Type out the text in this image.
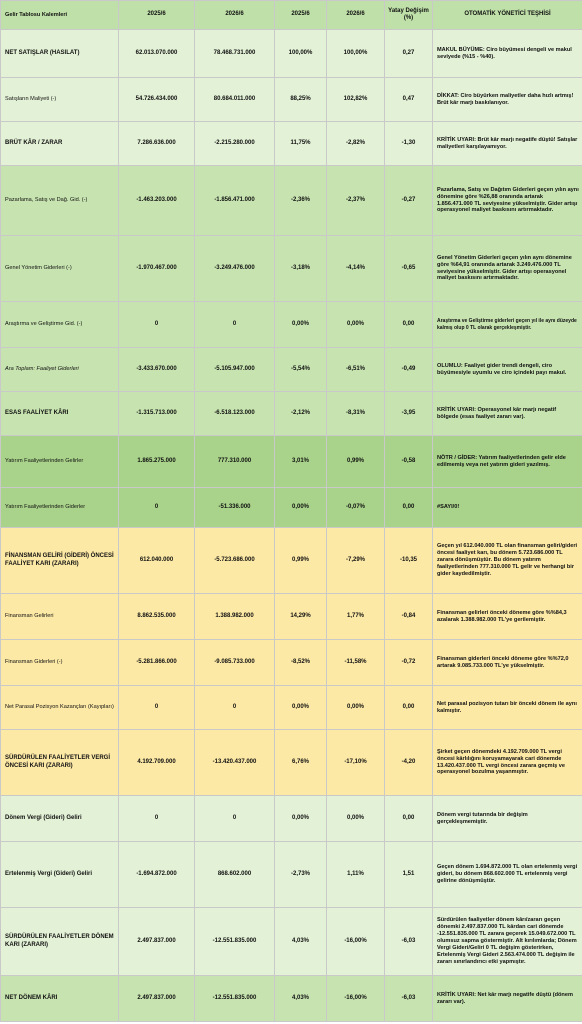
Gelir Tablosu Kalemleri	2025/6	2026/6	2025/6	2026/6	Yatay Değişim (%)	OTOMATİK YÖNETİCİ TEŞHİSİ
NET SATIŞLAR (HASILAT)	62.013.070.000	78.468.731.000	100,00%	100,00%	0,27	MAKUL BÜYÜME: Ciro büyümesi dengeli ve makul seviyede (%15 - %40).
Satışların Maliyeti (-)	54.726.434.000	80.684.011.000	88,25%	102,82%	0,47	DİKKAT: Ciro büyürken maliyetler daha hızlı artmış! Brüt kâr marjı baskılanıyor.
BRÜT KÂR / ZARAR	7.286.636.000	-2.215.280.000	11,75%	-2,82%	-1,30	KRİTİK UYARI: Brüt kâr marjı negatife düştü! Satışlar maliyetleri karşılayamıyor.
Pazarlama, Satış ve Dağ. Gid. (-)	-1.463.203.000	-1.856.471.000	-2,36%	-2,37%	-0,27	Pazarlama, Satış ve Dağıtım Giderleri geçen yılın aynı dönemine göre %26,88 oranında artarak 1.856.471.000 TL seviyesine yükselmiştir. Gider artışı operasyonel maliyet baskısını artırmaktadır.
Genel Yönetim Giderleri (-)	-1.970.467.000	-3.249.476.000	-3,18%	-4,14%	-0,65	Genel Yönetim Giderleri geçen yılın aynı dönemine göre %64,91 oranında artarak 3.249.476.000 TL seviyesine yükselmiştir. Gider artışı operasyonel maliyet baskısını artırmaktadır.
Araştırma ve Geliştirme Gid. (-)	0	0	0,00%	0,00%	0,00	Araştırma ve Geliştirme giderleri geçen yıl ile aynı düzeyde kalmış olup 0 TL olarak gerçekleşmiştir.
Ara Toplam: Faaliyet Giderleri	-3.433.670.000	-5.105.947.000	-5,54%	-6,51%	-0,49	OLUMLU: Faaliyet gider trendi dengeli, ciro büyümesiyle uyumlu ve ciro içindeki payı makul.
ESAS FAALİYET KÂRI	-1.315.713.000	-6.518.123.000	-2,12%	-8,31%	-3,95	KRİTİK UYARI: Operasyonel kâr marjı negatif bölgede (esas faaliyet zararı var).
Yatırım Faaliyetlerinden Gelirler	1.865.275.000	777.310.000	3,01%	0,99%	-0,58	NÖTR / GİDER: Yatırım faaliyetlerinden gelir elde edilmemiş veya net yatırım gideri yazılmış.
Yatırım Faaliyetlerinden Giderler	0	-51.336.000	0,00%	-0,07%	0,00	#SAYI/0!
FİNANSMAN GELİRİ (GİDERİ) ÖNCESİ FAALİYET KARI (ZARARI)	612.040.000	-5.723.686.000	0,99%	-7,29%	-10,35	Geçen yıl 612.040.000 TL olan finansman geliri/gideri öncesi faaliyet karı, bu dönem 5.723.686.000 TL zarara dönüşmüştür. Bu dönem yatırım faaliyetlerinden 777.310.000 TL gelir ve herhangi bir gider kaydedilmiştir.
Finansman Gelirleri	8.862.535.000	1.388.982.000	14,29%	1,77%	-0,84	Finansman gelirleri önceki döneme göre %%84,3 azalarak 1.388.982.000 TL'ye gerilemiştir.
Finansman Giderleri (-)	-5.281.866.000	-9.085.733.000	-8,52%	-11,58%	-0,72	Finansman giderleri önceki döneme göre %%72,0 artarak 9.085.733.000 TL'ye yükselmiştir.
Net Parasal Pozisyon Kazançları (Kayıpları)	0	0	0,00%	0,00%	0,00	Net parasal pozisyon tutarı bir önceki dönem ile aynı kalmıştır.
SÜRDÜRÜLEN FAALİYETLER VERGİ ÖNCESİ KARI (ZARARI)	4.192.709.000	-13.420.437.000	6,76%	-17,10%	-4,20	Şirket geçen dönemdeki 4.192.709.000 TL vergi öncesi kârlılığını koruyamayarak cari dönemde 13.420.437.000 TL vergi öncesi zarara geçmiş ve operasyonel bozulma yaşanmıştır.
Dönem Vergi (Gideri) Geliri	0	0	0,00%	0,00%	0,00	Dönem vergi tutarında bir değişim gerçekleşmemiştir.
Ertelenmiş Vergi (Gideri) Geliri	-1.694.872.000	868.602.000	-2,73%	1,11%	1,51	Geçen dönem 1.694.872.000 TL olan ertelenmiş vergi gideri, bu dönem 868.602.000 TL ertelenmiş vergi gelirine dönüşmüştür.
SÜRDÜRÜLEN FAALİYETLER DÖNEM KARI (ZARARI)	2.497.837.000	-12.551.835.000	4,03%	-16,00%	-6,03	Sürdürülen faaliyetler dönem kârı/zararı geçen dönemki 2.497.837.000 TL kârdan cari dönemde -12.551.835.000 TL zarara geçerek 15.049.672.000 TL olumsuz sapma göstermiştir. Alt kırılımlarda; Dönem Vergi Gideri/Geliri 0 TL değişim gösterirken, Ertelenmiş Vergi Gideri 2.563.474.000 TL değişim ile zararı sınırlandırıcı etki yapmıştır.
NET DÖNEM KÂRI	2.497.837.000	-12.551.835.000	4,03%	-16,00%	-6,03	KRİTİK UYARI: Net kâr marjı negatife düştü (dönem zararı var).
